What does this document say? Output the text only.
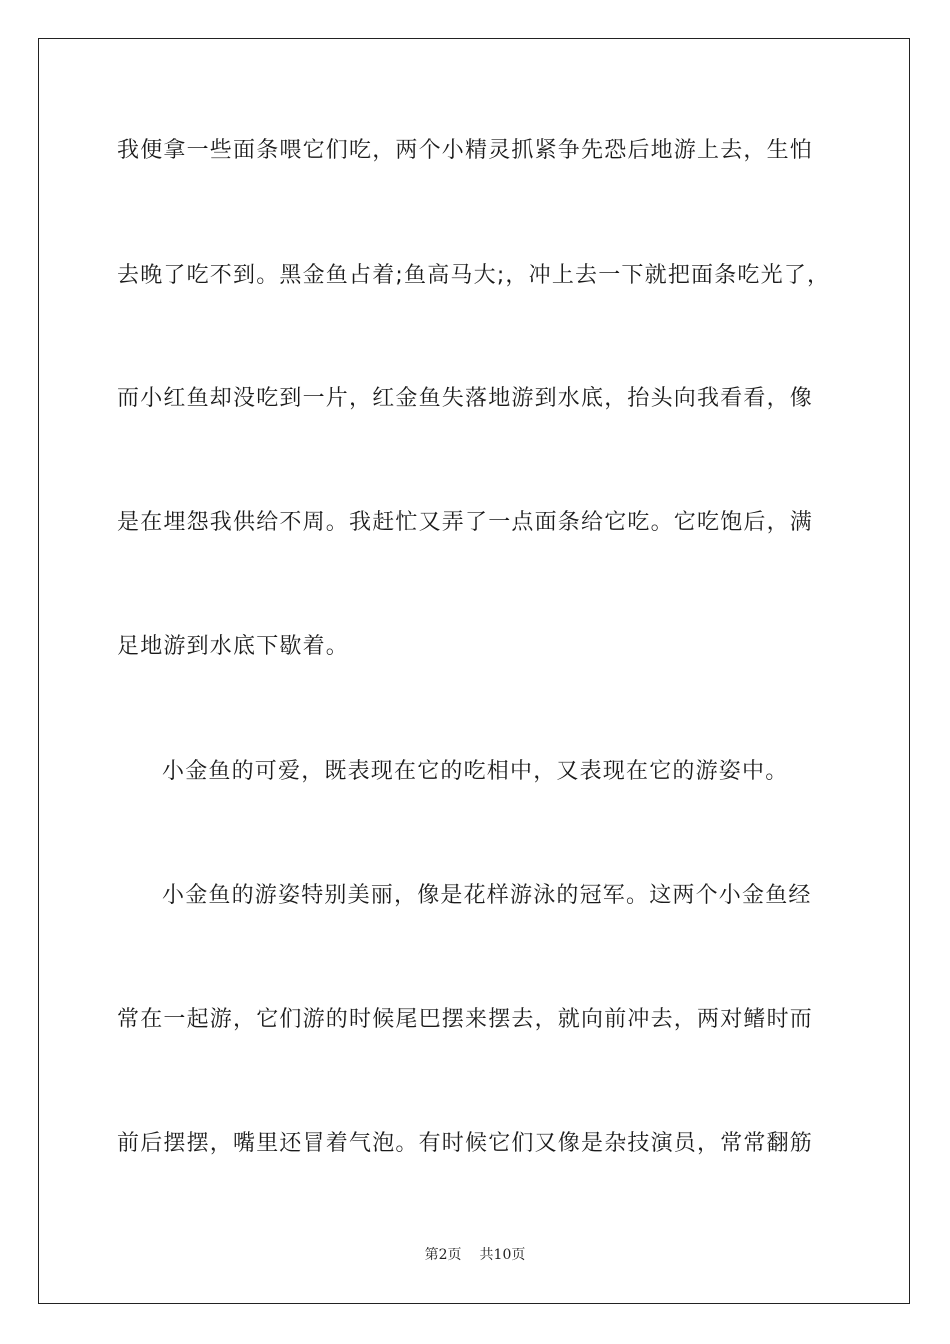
我便拿一些面条喂它们吃，两个小精灵抓紧争先恐后地游上去，生怕

去晚了吃不到。黑金鱼占着;鱼高马大;，冲上去一下就把面条吃光了，

而小红鱼却没吃到一片，红金鱼失落地游到水底，抬头向我看看，像

是在埋怨我供给不周。我赶忙又弄了一点面条给它吃。它吃饱后，满

足地游到水底下歇着。

小金鱼的可爱，既表现在它的吃相中，又表现在它的游姿中。

小金鱼的游姿特别美丽，像是花样游泳的冠军。这两个小金鱼经

常在一起游，它们游的时候尾巴摆来摆去，就向前冲去，两对鳍时而

前后摆摆，嘴里还冒着气泡。有时候它们又像是杂技演员，常常翻筋

第2页 共10页
